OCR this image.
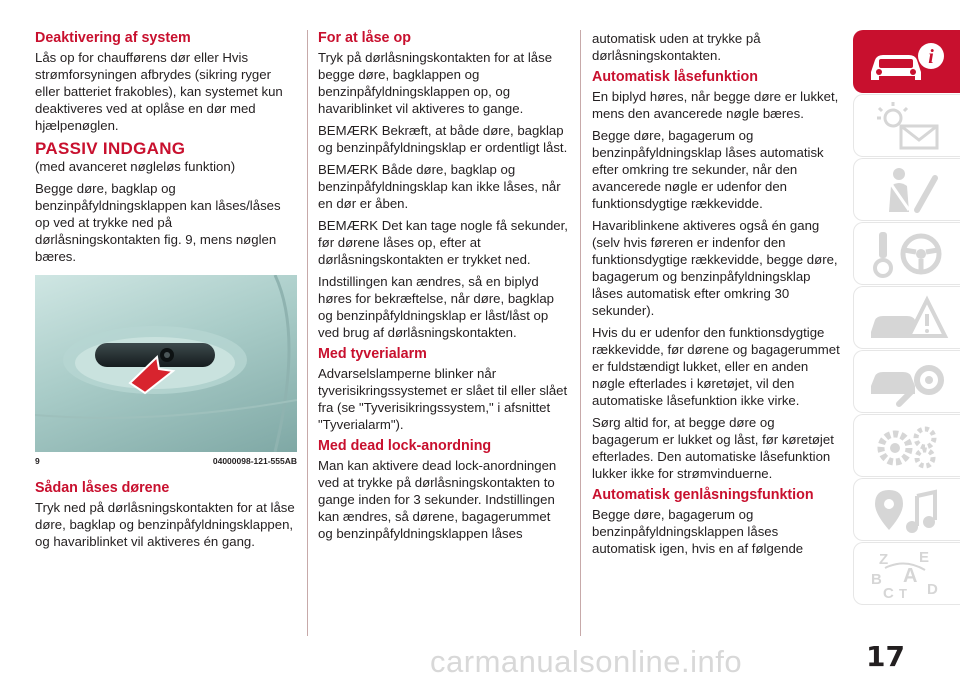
Deaktivering af system

Lås op for chaufførens dør eller Hvis strømforsyningen afbrydes (sikring ryger eller batteriet frakobles), kan systemet kun deaktiveres ved at oplåse en dør med hjælpenøglen.

PASSIV INDGANG

(med avanceret nøgleløs funktion)

Begge døre, bagklap og benzinpåfyldningsklappen kan låses/låses op ved at trykke ned på dørlåsningskontakten fig. 9, mens nøglen bæres.

9	04000098-121-555AB
Sådan låses dørene

Tryk ned på dørlåsningskontakten for at låse døre, bagklap og benzinpåfyldningsklappen, og havariblinket vil aktiveres én gang.

For at låse op

Tryk på dørlåsningskontakten for at låse begge døre, bagklappen og benzinpåfyldningsklappen op, og havariblinket vil aktiveres to gange.

BEMÆRK Bekræft, at både døre, bagklap og benzinpåfyldningsklap er ordentligt låst.

BEMÆRK Både døre, bagklap og benzinpåfyldningsklap kan ikke låses, når en dør er åben.

BEMÆRK Det kan tage nogle få sekunder, før dørene låses op, efter at dørlåsningskontakten er trykket ned.

Indstillingen kan ændres, så en biplyd høres for bekræftelse, når døre, bagklap og benzinpåfyldningsklap er låst/låst op ved brug af dørlåsningskontakten.

Med tyverialarm

Advarselslamperne blinker når tyverisikringssystemet er slået til eller slået fra (se "Tyverisikringssystem," i afsnittet "Tyverialarm").

Med dead lock-anordning

Man kan aktivere dead lock-anordningen ved at trykke på dørlåsningskontakten to gange inden for 3 sekunder. Indstillingen kan ændres, så dørene, bagagerummet og benzinpåfyldningsklappen låses

automatisk uden at trykke på dørlåsningskontakten.

Automatisk låsefunktion

En biplyd høres, når begge døre er lukket, mens den avancerede nøgle bæres.

Begge døre, bagagerum og benzinpåfyldningsklap låses automatisk efter omkring tre sekunder, når den avancerede nøgle er udenfor den funktionsdygtige rækkevidde.

Havariblinkene aktiveres også én gang (selv hvis føreren er indenfor den funktionsdygtige rækkevidde, begge døre, bagagerum og benzinpåfyldningsklap låses automatisk efter omkring 30 sekunder).

Hvis du er udenfor den funktionsdygtige rækkevidde, før dørene og bagagerummet er fuldstændigt lukket, eller en anden nøgle efterlades i køretøjet, vil den automatiske låsefunktion ikke virke.

Sørg altid for, at begge døre og bagagerum er lukket og låst, før køretøjet efterlades. Den automatiske låsefunktion lukker ikke for strømvinduerne.

Automatisk genlåsningsfunktion

Begge døre, bagagerum og benzinpåfyldningsklappen låses automatisk igen, hvis en af følgende

i
Z E
B A
C T D
carmanualsonline.info	17
